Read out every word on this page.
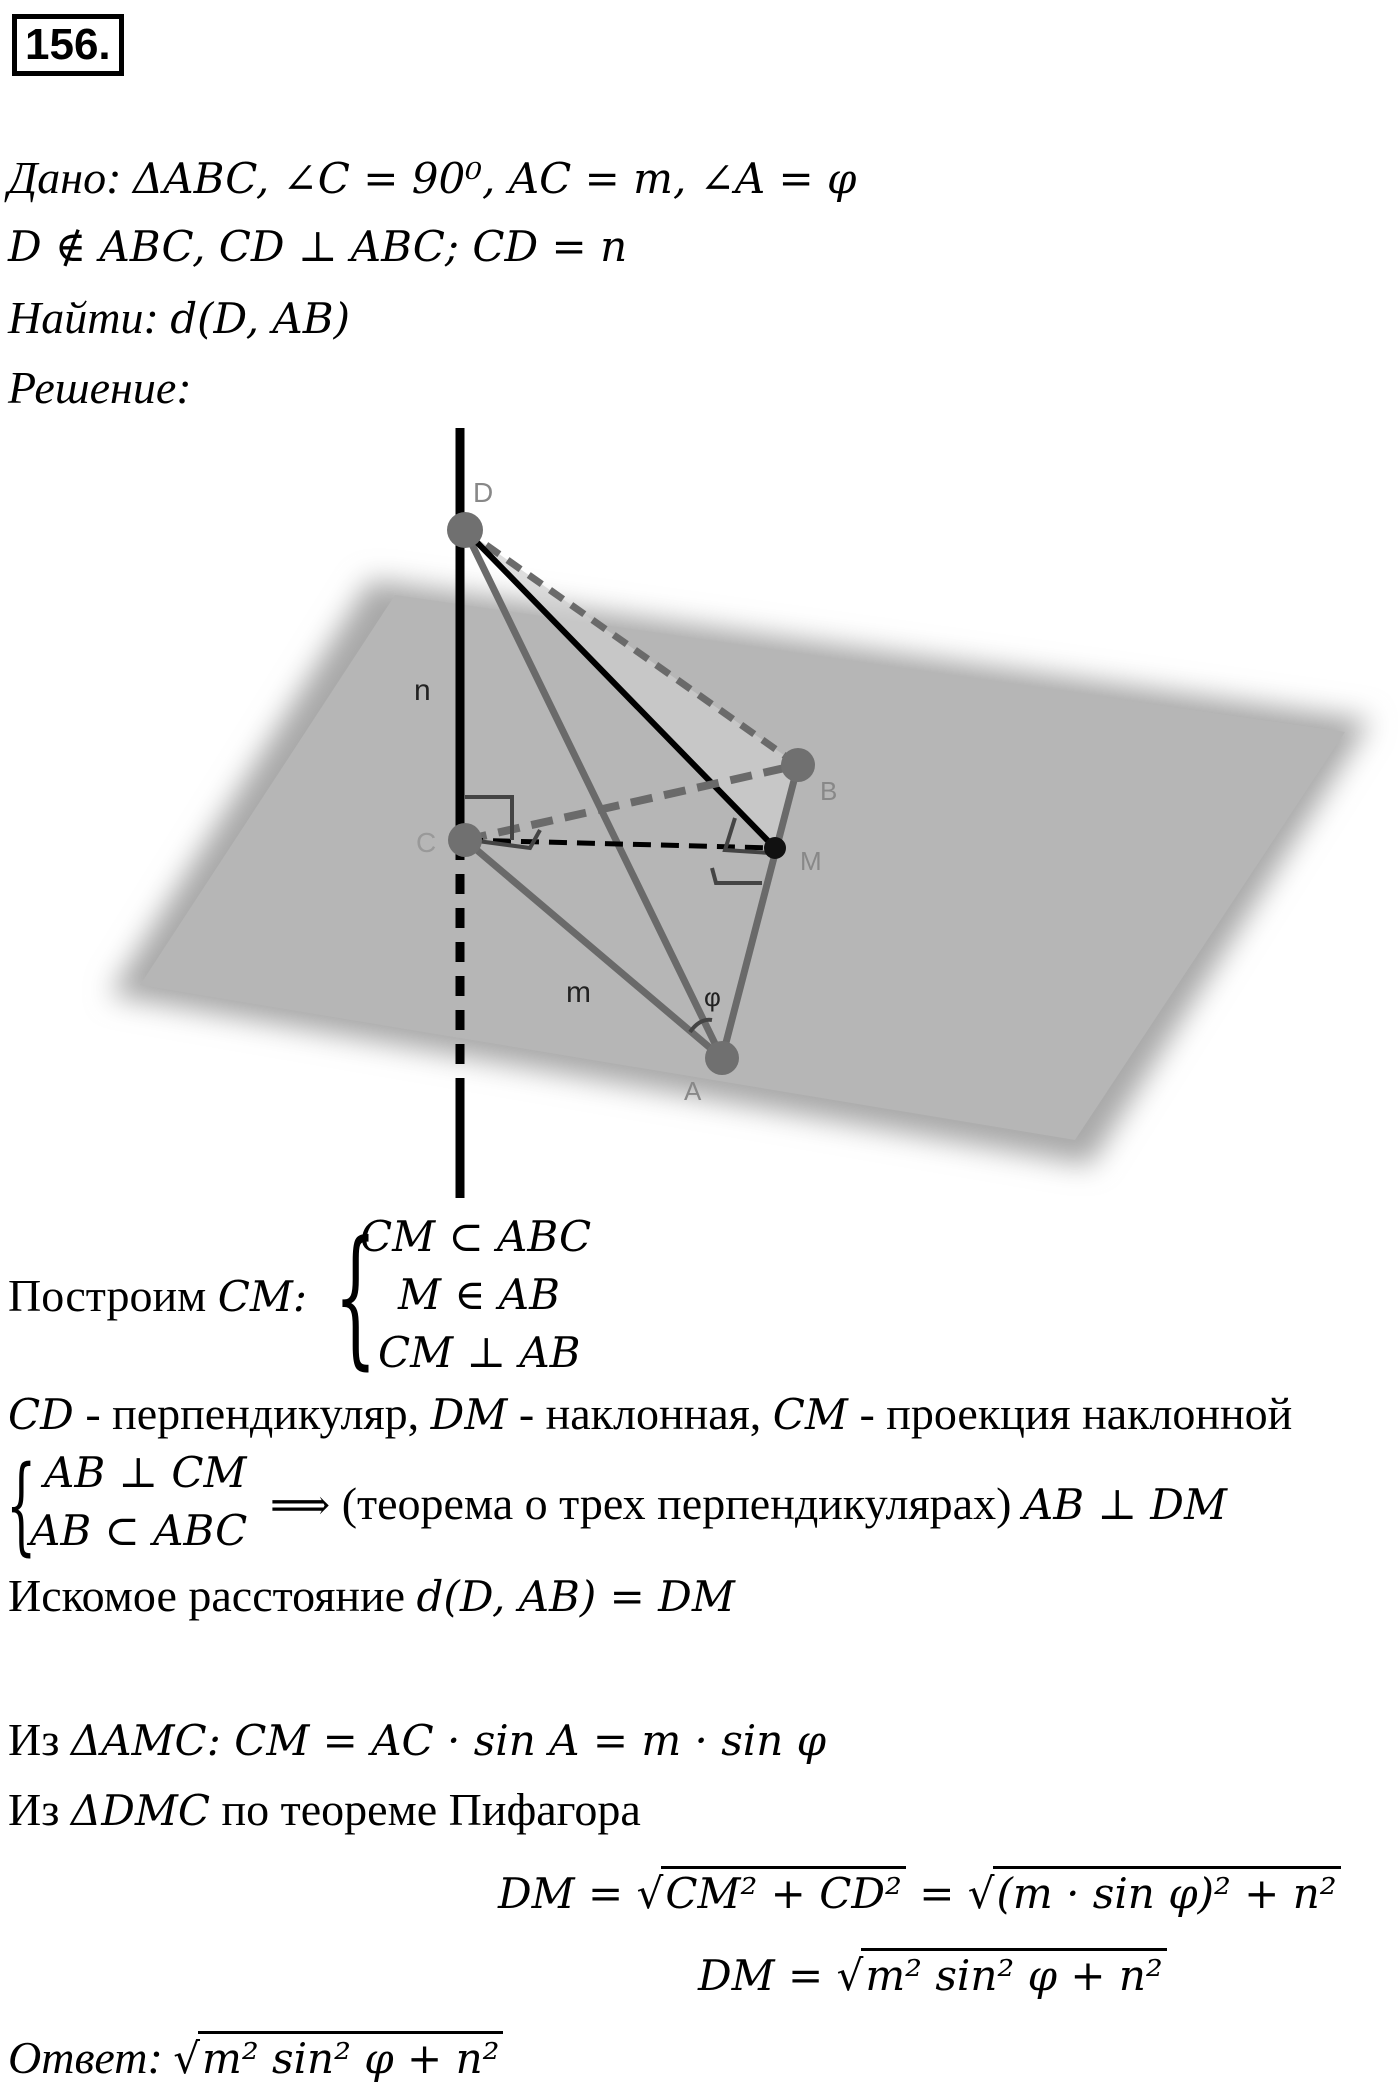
156.
Дано: ΔABC, ∠C = 90⁰, AC = m, ∠A = φ
D ∉ ABC, CD ⊥ ABC; CD = n
Найти: d(D, AB)
Решение:
D
C
B
M
A
n
m	φ
Построим CM: {
CM ⊂ ABC
M ∈ AB
CM ⊥ AB
CD - перпендикуляр, DM - наклонная, CM - проекция наклонной
{ AB ⊥ CM
AB ⊂ ABC
⟹ (теорема о трех перпендикулярах) AB ⊥ DM
Искомое расстояние d(D, AB) = DM
Из ΔAMC: CM = AC · sin A = m · sin φ
Из ΔDMC по теореме Пифагора
DM = √CM² + CD² = √(m · sin φ)² + n²
DM = √m² sin² φ + n²
Ответ: √m² sin² φ + n²
